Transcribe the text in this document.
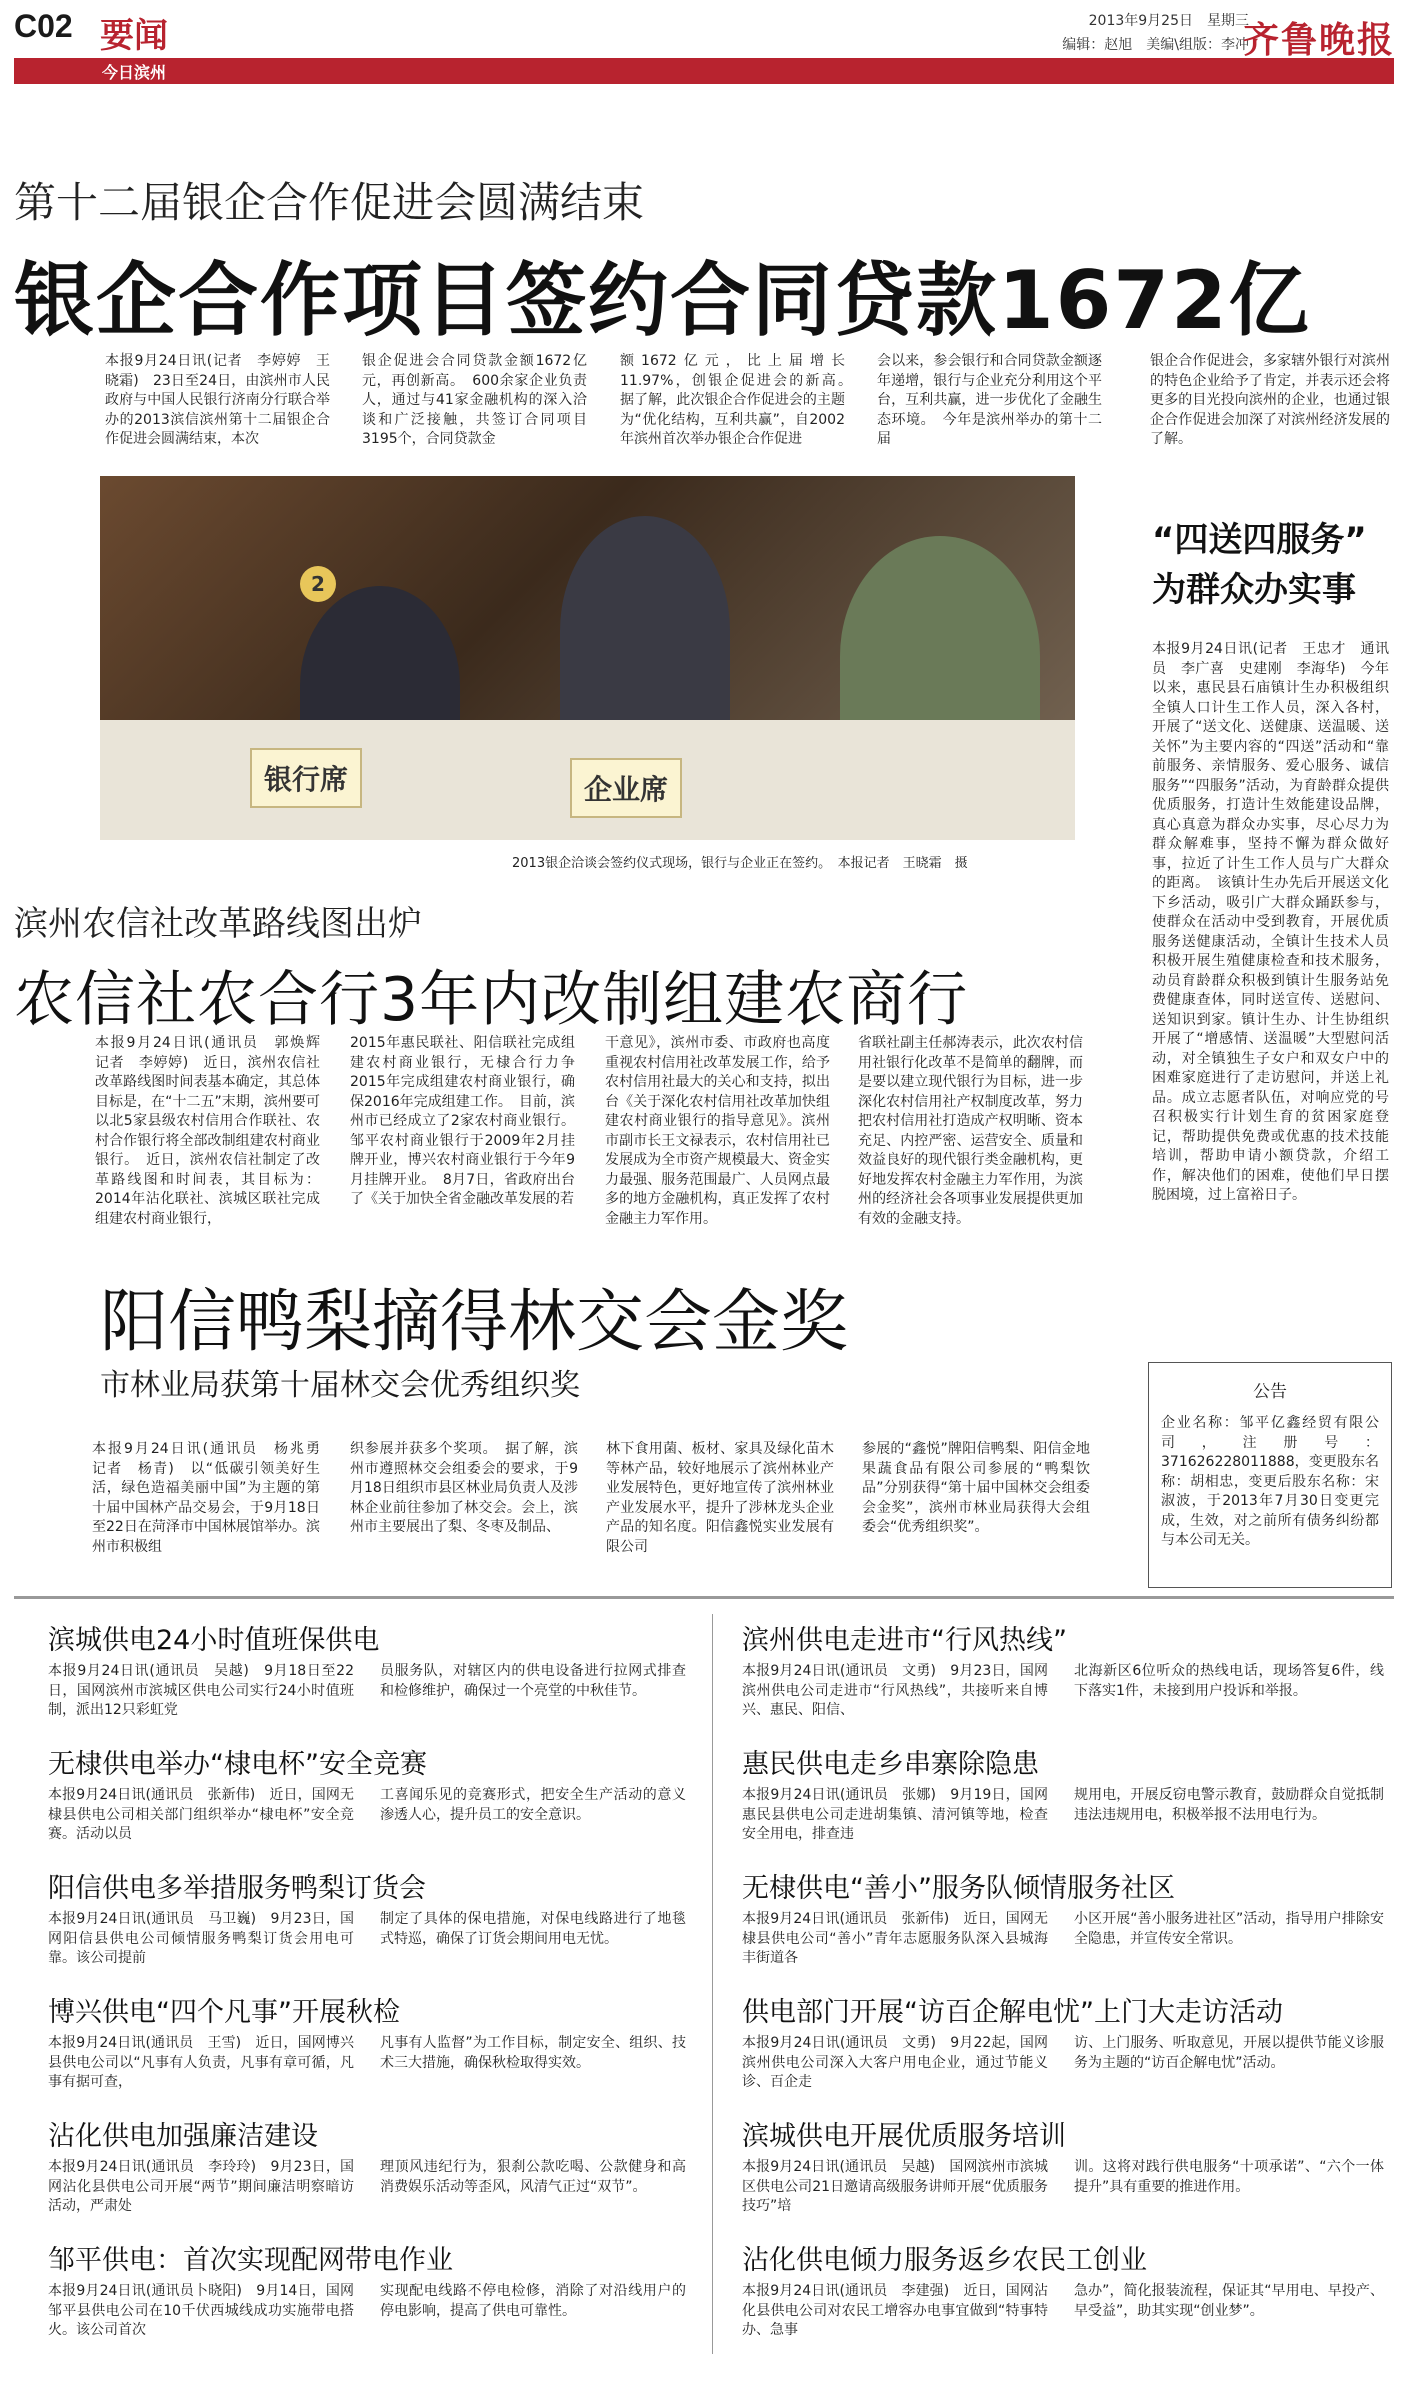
C02 要闻
今日滨州
2013年9月25日　星期三
编辑：赵旭　美编\组版：李冲
齐鲁晚报
第十二届银企合作促进会圆满结束
银企合作项目签约合同贷款1672亿
本报9月24日讯(记者　李婷婷　王晓霜)　23日至24日，由滨州市人民政府与中国人民银行济南分行联合举办的2013滨信滨州第十二届银企合作促进会圆满结束，本次
银企促进会合同贷款金额1672亿元，再创新高。　600余家企业负责人，通过与41家金融机构的深入洽谈和广泛接触，共签订合同项目3195个，合同贷款金
额1672亿元，比上届增长11.97%，创银企促进会的新高。　据了解，此次银企合作促进会的主题为“优化结构，互利共赢”，自2002年滨州首次举办银企合作促进
会以来，参会银行和合同贷款金额逐年递增，银行与企业充分利用这个平台，互利共赢，进一步优化了金融生态环境。　今年是滨州举办的第十二届
银企合作促进会，多家辖外银行对滨州的特色企业给予了肯定，并表示还会将更多的目光投向滨州的企业，也通过银企合作促进会加深了对滨州经济发展的了解。
银行席	企业席
2
2013银企洽谈会签约仪式现场，银行与企业正在签约。　本报记者　王晓霜　摄
“四送四服务”
为群众办实事
本报9月24日讯(记者　王忠才　通讯员　李广喜　史建刚　李海华)　今年以来，惠民县石庙镇计生办积极组织全镇人口计生工作人员，深入各村，开展了“送文化、送健康、送温暖、送关怀”为主要内容的“四送”活动和“靠前服务、亲情服务、爱心服务、诚信服务”“四服务”活动，为育龄群众提供优质服务，打造计生效能建设品牌，真心真意为群众办实事，尽心尽力为群众解难事，坚持不懈为群众做好事，拉近了计生工作人员与广大群众的距离。　该镇计生办先后开展送文化下乡活动，吸引广大群众踊跃参与，使群众在活动中受到教育，开展优质服务送健康活动，全镇计生技术人员积极开展生殖健康检查和技术服务，动员育龄群众积极到镇计生服务站免费健康查体，同时送宣传、送慰问、送知识到家。镇计生办、计生协组织开展了“增感情、送温暖”大型慰问活动，对全镇独生子女户和双女户中的困难家庭进行了走访慰问，并送上礼品。成立志愿者队伍，对响应党的号召积极实行计划生育的贫困家庭登记，帮助提供免费或优惠的技术技能培训，帮助申请小额贷款，介绍工作，解决他们的困难，使他们早日摆脱困境，过上富裕日子。
公告
企业名称：邹平亿鑫经贸有限公司，注册号：371626228011888，变更股东名称：胡相忠，变更后股东名称：宋淑波，于2013年7月30日变更完成，生效，对之前所有债务纠纷都与本公司无关。
滨州农信社改革路线图出炉
农信社农合行3年内改制组建农商行
本报9月24日讯(通讯员　郭焕辉　记者　李婷婷)　近日，滨州农信社改革路线图时间表基本确定，其总体目标是，在“十二五”末期，滨州要可以北5家县级农村信用合作联社、农村合作银行将全部改制组建农村商业银行。　近日，滨州农信社制定了改革路线图和时间表，其目标为：2014年沾化联社、滨城区联社完成组建农村商业银行，
2015年惠民联社、阳信联社完成组建农村商业银行，无棣合行力争2015年完成组建农村商业银行，确保2016年完成组建工作。　目前，滨州市已经成立了2家农村商业银行。邹平农村商业银行于2009年2月挂牌开业，博兴农村商业银行于今年9月挂牌开业。　8月7日，省政府出台了《关于加快全省金融改革发展的若
干意见》，滨州市委、市政府也高度重视农村信用社改革发展工作，给予农村信用社最大的关心和支持，拟出台《关于深化农村信用社改革加快组建农村商业银行的指导意见》。滨州市副市长王文禄表示，农村信用社已发展成为全市资产规模最大、资金实力最强、服务范围最广、人员网点最多的地方金融机构，真正发挥了农村金融主力军作用。
省联社副主任郝涛表示，此次农村信用社银行化改革不是简单的翻牌，而是要以建立现代银行为目标，进一步深化农村信用社产权制度改革，努力把农村信用社打造成产权明晰、资本充足、内控严密、运营安全、质量和效益良好的现代银行类金融机构，更好地发挥农村金融主力军作用，为滨州的经济社会各项事业发展提供更加有效的金融支持。
阳信鸭梨摘得林交会金奖
市林业局获第十届林交会优秀组织奖
本报9月24日讯(通讯员　杨兆勇　记者　杨青)　以“低碳引领美好生活，绿色造福美丽中国”为主题的第十届中国林产品交易会，于9月18日至22日在菏泽市中国林展馆举办。滨州市积极组
织参展并获多个奖项。　据了解，滨州市遵照林交会组委会的要求，于9月18日组织市县区林业局负责人及涉林企业前往参加了林交会。会上，滨州市主要展出了梨、冬枣及制品、
林下食用菌、板材、家具及绿化苗木等林产品，较好地展示了滨州林业产业发展特色，更好地宣传了滨州林业产业发展水平，提升了涉林龙头企业产品的知名度。阳信鑫悦实业发展有限公司
参展的“鑫悦”牌阳信鸭梨、阳信金地果蔬食品有限公司参展的“鸭梨饮品”分别获得“第十届中国林交会组委会金奖”，滨州市林业局获得大会组委会“优秀组织奖”。
滨城供电24小时值班保供电
本报9月24日讯(通讯员　吴越)　9月18日至22日，国网滨州市滨城区供电公司实行24小时值班制，派出12只彩虹党
员服务队，对辖区内的供电设备进行拉网式排查和检修维护，确保过一个亮堂的中秋佳节。
无棣供电举办“棣电杯”安全竞赛
本报9月24日讯(通讯员　张新伟)　近日，国网无棣县供电公司相关部门组织举办“棣电杯”安全竞赛。活动以员
工喜闻乐见的竞赛形式，把安全生产活动的意义渗透人心，提升员工的安全意识。
阳信供电多举措服务鸭梨订货会
本报9月24日讯(通讯员　马卫巍)　9月23日，国网阳信县供电公司倾情服务鸭梨订货会用电可靠。该公司提前
制定了具体的保电措施，对保电线路进行了地毯式特巡，确保了订货会期间用电无忧。
博兴供电“四个凡事”开展秋检
本报9月24日讯(通讯员　王雪)　近日，国网博兴县供电公司以“凡事有人负责，凡事有章可循，凡事有据可查，
凡事有人监督”为工作目标，制定安全、组织、技术三大措施，确保秋检取得实效。
沾化供电加强廉洁建设
本报9月24日讯(通讯员　李玲玲)　9月23日，国网沾化县供电公司开展“两节”期间廉洁明察暗访活动，严肃处
理顶风违纪行为，狠刹公款吃喝、公款健身和高消费娱乐活动等歪风，风清气正过“双节”。
邹平供电：首次实现配网带电作业
本报9月24日讯(通讯员卜晓阳)　9月14日，国网邹平县供电公司在10千伏西城线成功实施带电搭火。该公司首次
实现配电线路不停电检修，消除了对沿线用户的停电影响，提高了供电可靠性。
滨州供电走进市“行风热线”
本报9月24日讯(通讯员　文勇)　9月23日，国网滨州供电公司走进市“行风热线”，共接听来自博兴、惠民、阳信、
北海新区6位听众的热线电话，现场答复6件，线下落实1件，未接到用户投诉和举报。
惠民供电走乡串寨除隐患
本报9月24日讯(通讯员　张娜)　9月19日，国网惠民县供电公司走进胡集镇、清河镇等地，检查安全用电，排查违
规用电，开展反窃电警示教育，鼓励群众自觉抵制违法违规用电，积极举报不法用电行为。
无棣供电“善小”服务队倾情服务社区
本报9月24日讯(通讯员　张新伟)　近日，国网无棣县供电公司“善小”青年志愿服务队深入县城海丰街道各
小区开展“善小服务进社区”活动，指导用户排除安全隐患，并宣传安全常识。
供电部门开展“访百企解电忧”上门大走访活动
本报9月24日讯(通讯员　文勇)　9月22起，国网滨州供电公司深入大客户用电企业，通过节能义诊、百企走
访、上门服务、听取意见，开展以提供节能义诊服务为主题的“访百企解电忧”活动。
滨城供电开展优质服务培训
本报9月24日讯(通讯员　吴越)　国网滨州市滨城区供电公司21日邀请高级服务讲师开展“优质服务技巧”培
训。这将对践行供电服务“十项承诺”、“六个一体提升”具有重要的推进作用。
沾化供电倾力服务返乡农民工创业
本报9月24日讯(通讯员　李建强)　近日，国网沾化县供电公司对农民工增容办电事宜做到“特事特办、急事
急办”，简化报装流程，保证其“早用电、早投产、早受益”，助其实现“创业梦”。
